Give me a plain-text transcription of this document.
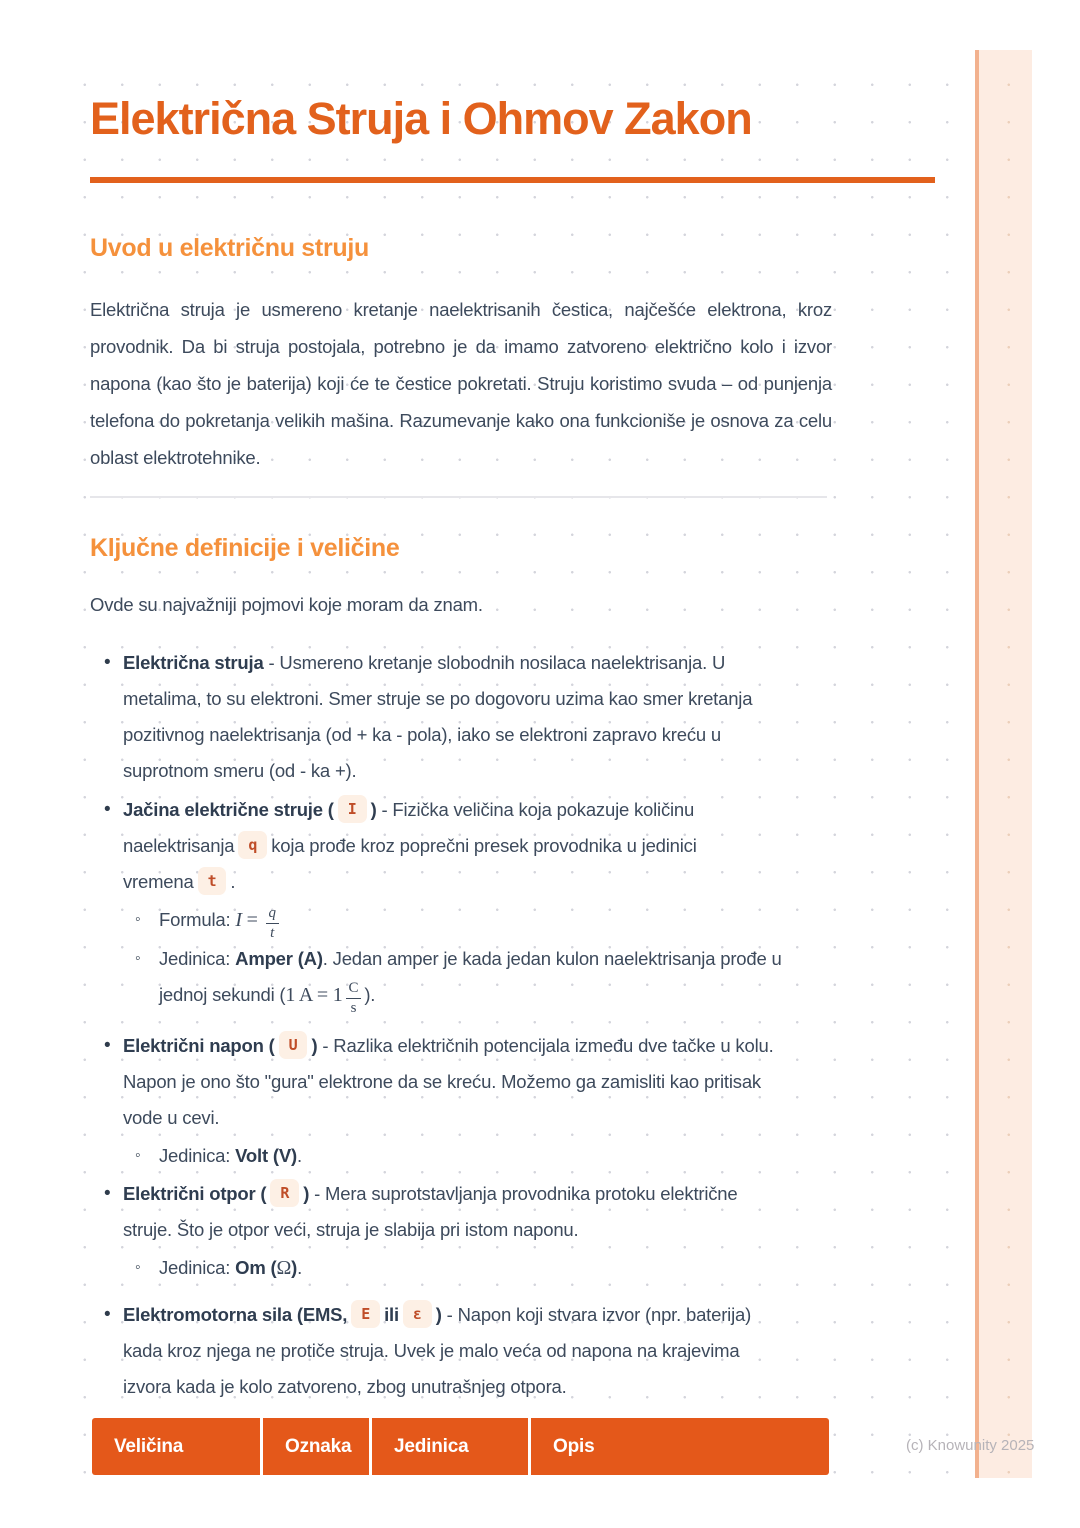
Električna Struja i Ohmov Zakon
Uvod u električnu struju

Električna struja je usmereno kretanje naelektrisanih čestica, najčešće elektrona, kroz provodnik. Da bi struja postojala, potrebno je da imamo zatvoreno električno kolo i izvor napona (kao što je baterija) koji će te čestice pokretati. Struju koristimo svuda – od punjenja telefona do pokretanja velikih mašina. Razumevanje kako ona funkcioniše je osnova za celu oblast elektrotehnike.

Ključne definicije i veličine

Ovde su najvažniji pojmovi koje moram da znam.

• Električna struja - Usmereno kretanje slobodnih nosilaca naelektrisanja. U
metalima, to su elektroni. Smer struje se po dogovoru uzima kao smer kretanja
pozitivnog naelektrisanja (od + ka - pola), iako se elektroni zapravo kreću u
suprotnom smeru (od - ka +).
• Jačina električne struje ( I ) - Fizička veličina koja pokazuje količinu
naelektrisanja q koja prođe kroz poprečni presek provodnika u jedinici
vremena t .
◦ Formula: $I = \frac{q}{t}$
◦ Jedinica: Amper (A). Jedan amper je kada jedan kulon naelektrisanja prođe u
jednoj sekundi (1 $A = 1 \frac{C}{s}$ ).
• Električni napon ( U ) - Razlika električnih potencijala između dve tačke u kolu.
Napon je ono što "gura" elektrone da se kreću. Možemo ga zamisliti kao pritisak
vode u cevi.
◦ Jedinica: Volt (V).
• Električni otpor ( R ) - Mera suprotstavljanja provodnika protoku električne
struje. Što je otpor veći, struja je slabija pri istom naponu.
◦ Jedinica: Om (Ω).
• Elektromotorna sila (EMS, E ili ε ) - Napon koji stvara izvor (npr. baterija)
kada kroz njega ne protiče struja. Uvek je malo veća od napona na krajevima
izvora kada je kolo zatvoreno, zbog unutrašnjeg otpora.
Veličina	Oznaka	Jedinica	Opis	(c) Knowunity 2025
